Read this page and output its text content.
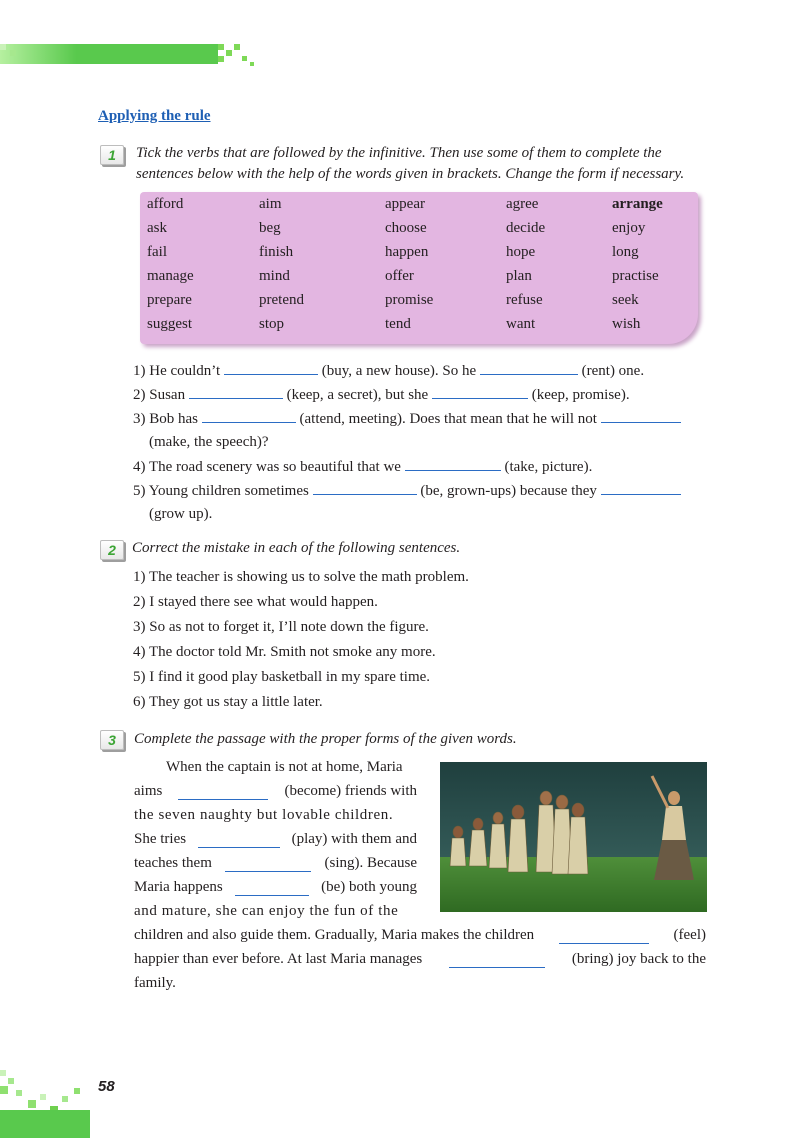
Applying the rule
1	Tick the verbs that are followed by the infinitive. Then use some of them to complete the
sentences below with the help of the words given in brackets. Change the form if necessary.
afford	aim	appear	agree	arrange
ask	beg	choose	decide	enjoy
fail	finish	happen	hope	long
manage	mind	offer	plan	practise
prepare	pretend	promise	refuse	seek
suggest	stop	tend	want	wish
1) He couldn’t	(buy, a new house). So he	(rent) one.
2) Susan	(keep, a secret), but she	(keep, promise).
3) Bob has	(attend, meeting). Does that mean that he will not
(make, the speech)?
4) The road scenery was so beautiful that we	(take, picture).
5) Young children sometimes	(be, grown-ups) because they
(grow up).
2	Correct the mistake in each of the following sentences.
1) The teacher is showing us to solve the math problem.
2) I stayed there see what would happen.
3) So as not to forget it, I’ll note down the figure.
4) The doctor told Mr. Smith not smoke any more.
5) I find it good play basketball in my spare time.
6) They got us stay a little later.
3	Complete the passage with the proper forms of the given words.
When the captain is not at home, Maria
aims	(become) friends with
the seven naughty but lovable children.
She tries	(play) with them and
teaches them	(sing). Because
Maria happens	(be) both young
and mature, she can enjoy the fun of the
children and also guide them. Gradually, Maria makes the children	(feel)
happier than ever before. At last Maria manages	(bring) joy back to the
family.
58
